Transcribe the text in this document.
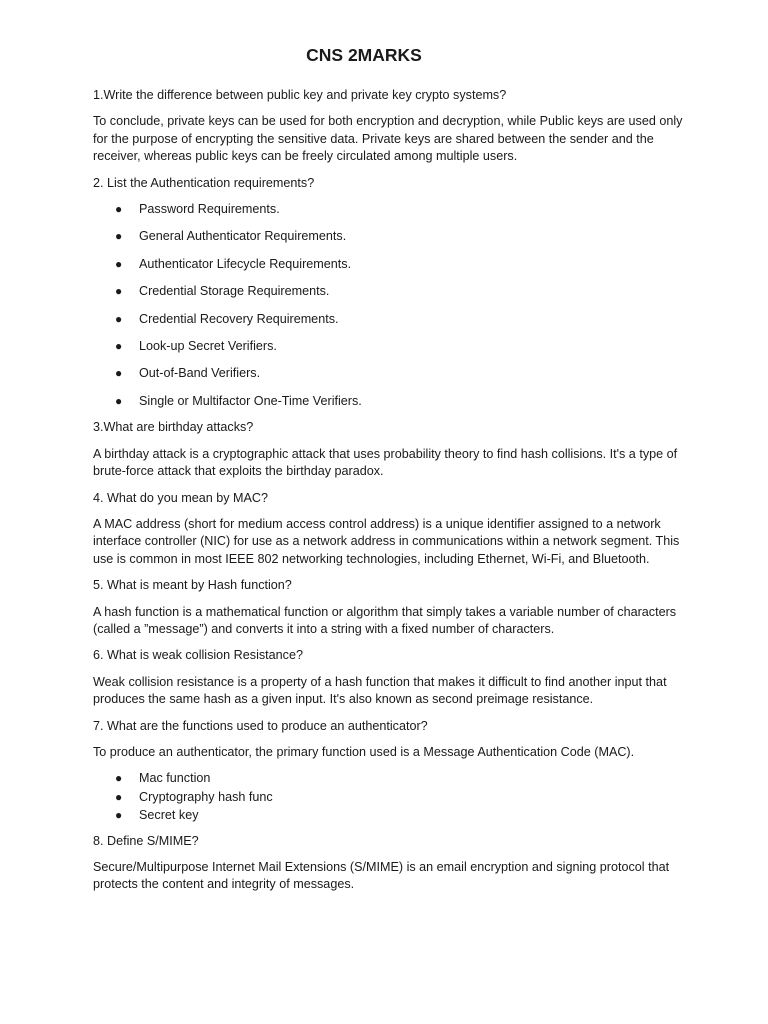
CNS 2MARKS
1.Write the difference between public key and private key crypto systems?
To conclude, private keys can be used for both encryption and decryption, while Public keys are used only for the purpose of encrypting the sensitive data. Private keys are shared between the sender and the receiver, whereas public keys can be freely circulated among multiple users.
2. List the Authentication requirements?
● Password Requirements.
● General Authenticator Requirements.
● Authenticator Lifecycle Requirements.
● Credential Storage Requirements.
● Credential Recovery Requirements.
● Look-up Secret Verifiers.
● Out-of-Band Verifiers.
● Single or Multifactor One-Time Verifiers.
3.What are birthday attacks?
A birthday attack is a cryptographic attack that uses probability theory to find hash collisions. It's a type of brute-force attack that exploits the birthday paradox.
4. What do you mean by MAC?
A MAC address (short for medium access control address) is a unique identifier assigned to a network interface controller (NIC) for use as a network address in communications within a network segment. This use is common in most IEEE 802 networking technologies, including Ethernet, Wi-Fi, and Bluetooth.
5. What is meant by Hash function?
A hash function is a mathematical function or algorithm that simply takes a variable number of characters (called a ”message”) and converts it into a string with a fixed number of characters.
6. What is weak collision Resistance?
Weak collision resistance is a property of a hash function that makes it difficult to find another input that produces the same hash as a given input. It's also known as second preimage resistance.
7. What are the functions used to produce an authenticator?
To produce an authenticator, the primary function used is a Message Authentication Code (MAC).
● Mac function
● Cryptography hash func
● Secret key
8. Define S/MIME?
Secure/Multipurpose Internet Mail Extensions (S/MIME) is an email encryption and signing protocol that protects the content and integrity of messages.
